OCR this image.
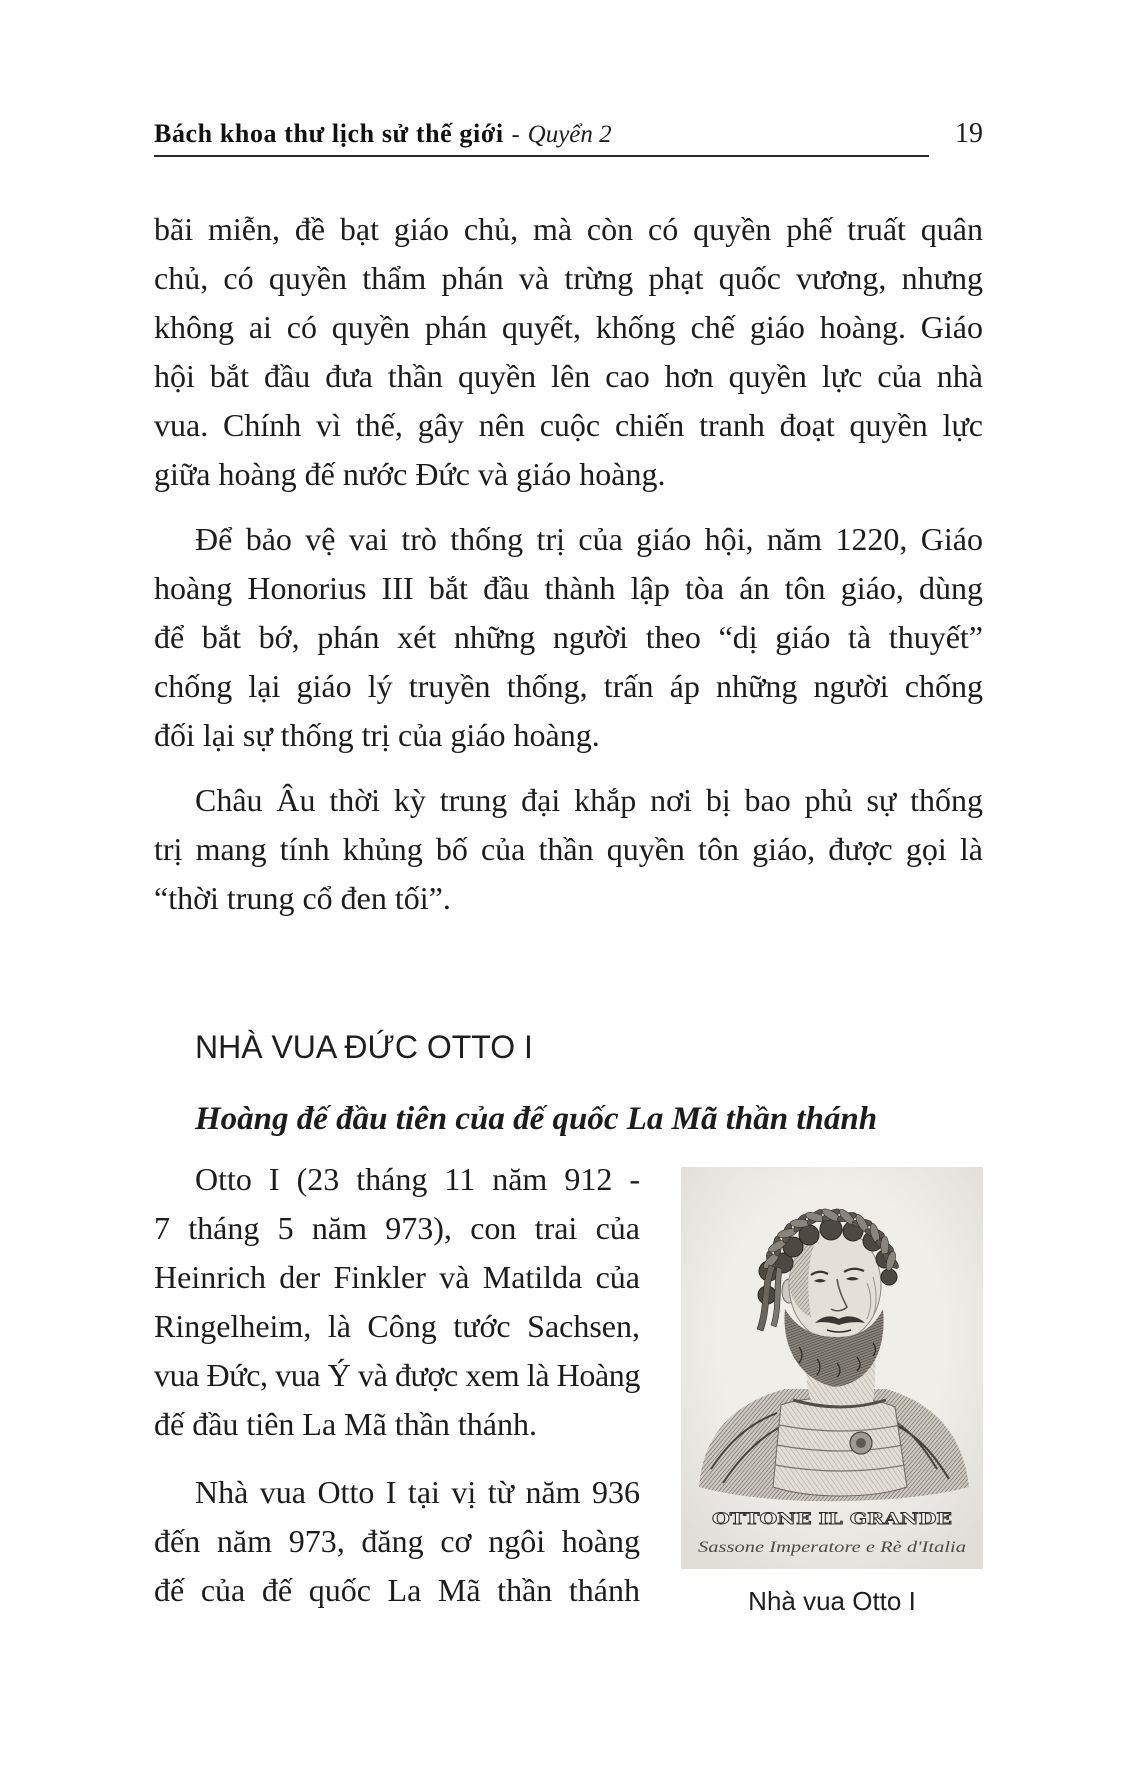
Bách khoa thư lịch sử thế giới - Quyển 2	19
bãi miễn, đề bạt giáo chủ, mà còn có quyền phế truất quân
chủ, có quyền thẩm phán và trừng phạt quốc vương, nhưng
không ai có quyền phán quyết, khống chế giáo hoàng. Giáo
hội bắt đầu đưa thần quyền lên cao hơn quyền lực của nhà
vua. Chính vì thế, gây nên cuộc chiến tranh đoạt quyền lực
giữa hoàng đế nước Đức và giáo hoàng.
Để bảo vệ vai trò thống trị của giáo hội, năm 1220, Giáo
hoàng Honorius III bắt đầu thành lập tòa án tôn giáo, dùng
để bắt bớ, phán xét những người theo “dị giáo tà thuyết”
chống lại giáo lý truyền thống, trấn áp những người chống
đối lại sự thống trị của giáo hoàng.
Châu Âu thời kỳ trung đại khắp nơi bị bao phủ sự thống
trị mang tính khủng bố của thần quyền tôn giáo, được gọi là
“thời trung cổ đen tối”.
NHÀ VUA ĐỨC OTTO I
Hoàng đế đầu tiên của đế quốc La Mã thần thánh
Otto I (23 tháng 11 năm 912 -
7 tháng 5 năm 973), con trai của
Heinrich der Finkler và Matilda của
Ringelheim, là Công tước Sachsen,
vua Đức, vua Ý và được xem là Hoàng
đế đầu tiên La Mã thần thánh.
Nhà vua Otto I tại vị từ năm 936
đến năm 973, đăng cơ ngôi hoàng
đế của đế quốc La Mã thần thánh
OTTONE IL GRANDE
Sassone Imperatore e Rè d'Italia
Nhà vua Otto I
